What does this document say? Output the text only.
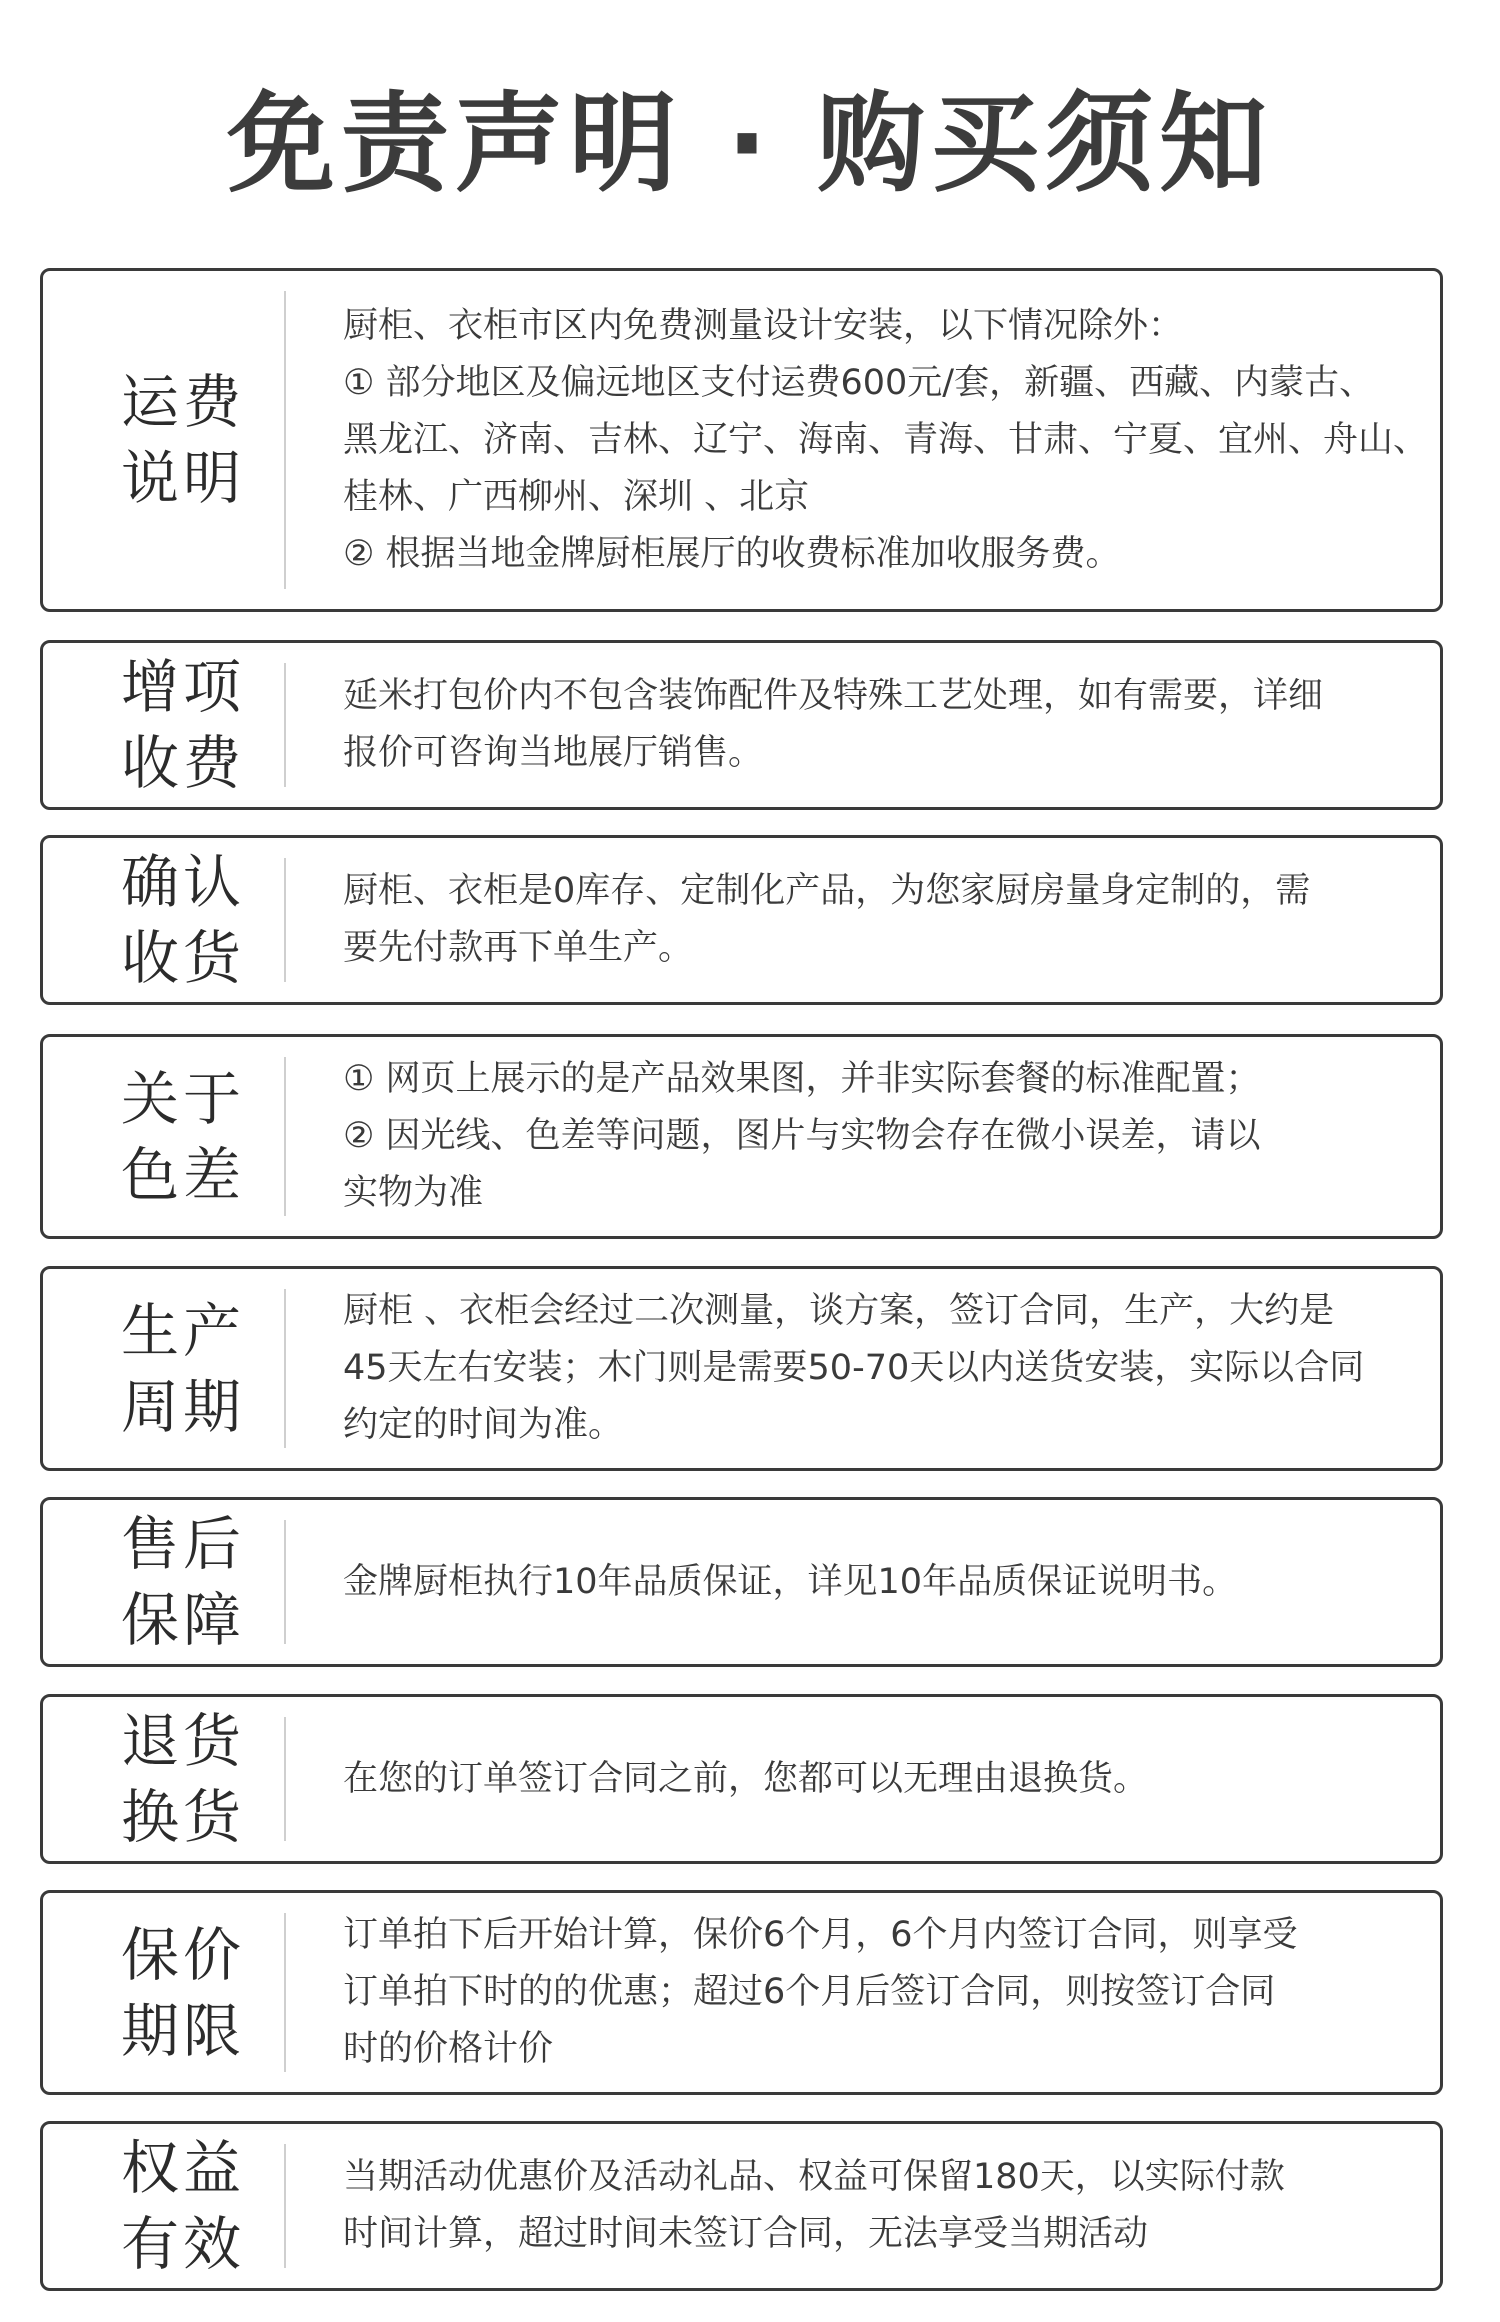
免责声明 · 购买须知
运费
说明

厨柜、衣柜市区内免费测量设计安装，以下情况除外：

① 部分地区及偏远地区支付运费600元/套，新疆、西藏、内蒙古、

黑龙江、济南、吉林、辽宁、海南、青海、甘肃、宁夏、宜州、舟山、

桂林、广西柳州、深圳 、北京

② 根据当地金牌厨柜展厅的收费标准加收服务费。

增项
收费

延米打包价内不包含装饰配件及特殊工艺处理，如有需要，详细

报价可咨询当地展厅销售。

确认
收货

厨柜、衣柜是0库存、定制化产品，为您家厨房量身定制的，需

要先付款再下单生产。

关于
色差

① 网页上展示的是产品效果图，并非实际套餐的标准配置；

② 因光线、色差等问题，图片与实物会存在微小误差，请以

实物为准

生产
周期

厨柜 、衣柜会经过二次测量，谈方案，签订合同，生产，大约是

45天左右安装；木门则是需要50-70天以内送货安装，实际以合同

约定的时间为准。

售后
保障

金牌厨柜执行10年品质保证，详见10年品质保证说明书。

退货
换货

在您的订单签订合同之前，您都可以无理由退换货。

保价
期限

订单拍下后开始计算，保价6个月，6个月内签订合同，则享受

订单拍下时的的优惠；超过6个月后签订合同，则按签订合同

时的价格计价

权益
有效

当期活动优惠价及活动礼品、权益可保留180天，以实际付款

时间计算，超过时间未签订合同，无法享受当期活动
